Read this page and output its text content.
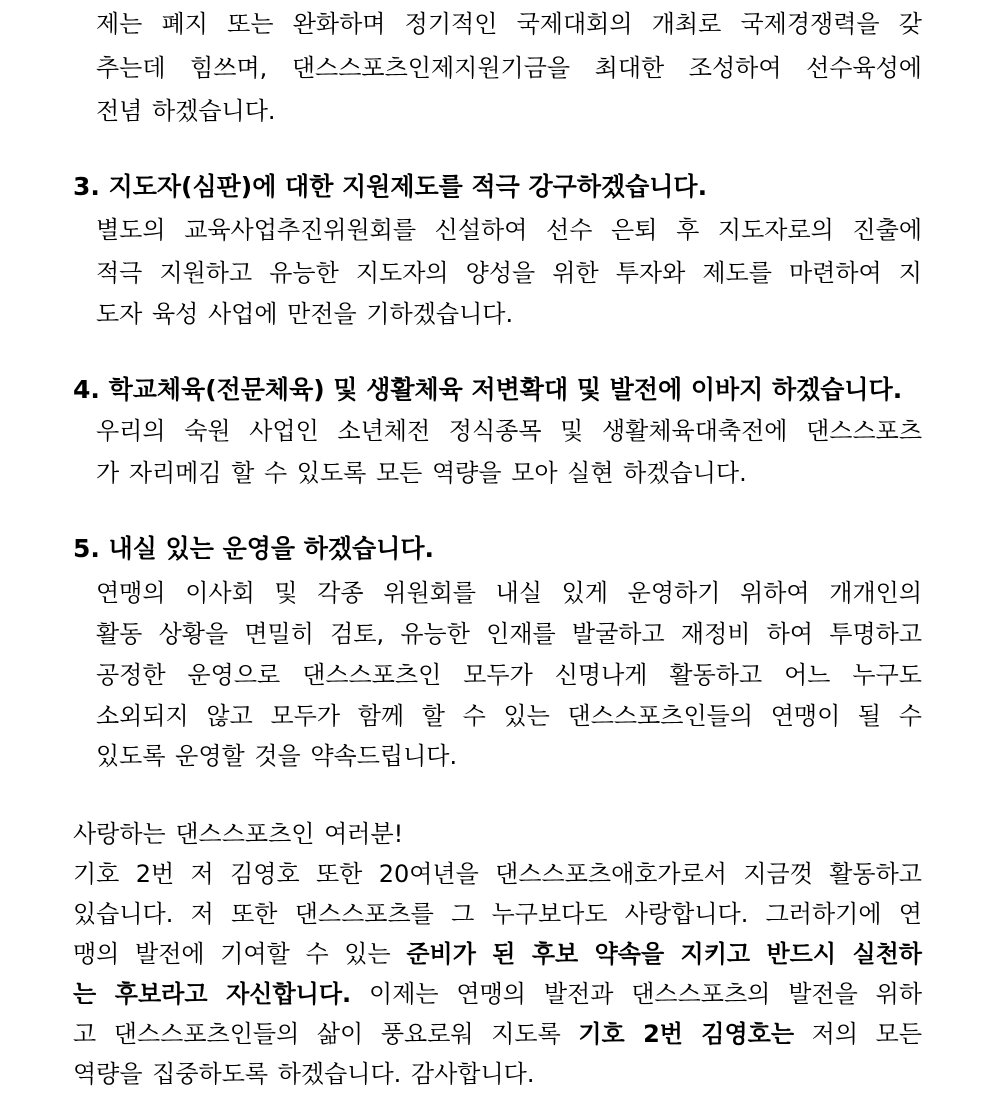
제는 폐지 또는 완화하며 정기적인 국제대회의 개최로 국제경쟁력을 갖
추는데 힘쓰며, 댄스스포츠인제지원기금을 최대한 조성하여 선수육성에
전념 하겠습니다.
3. 지도자(심판)에 대한 지원제도를 적극 강구하겠습니다.
별도의 교육사업추진위원회를 신설하여 선수 은퇴 후 지도자로의 진출에
적극 지원하고 유능한 지도자의 양성을 위한 투자와 제도를 마련하여 지
도자 육성 사업에 만전을 기하겠습니다.
4. 학교체육(전문체육) 및 생활체육 저변확대 및 발전에 이바지 하겠습니다.
우리의 숙원 사업인 소년체전 정식종목 및 생활체육대축전에 댄스스포츠
가 자리메김 할 수 있도록 모든 역량을 모아 실현 하겠습니다.
5. 내실 있는 운영을 하겠습니다.
연맹의 이사회 및 각종 위원회를 내실 있게 운영하기 위하여 개개인의
활동 상황을 면밀히 검토, 유능한 인재를 발굴하고 재정비 하여 투명하고
공정한 운영으로 댄스스포츠인 모두가 신명나게 활동하고 어느 누구도
소외되지 않고 모두가 함께 할 수 있는 댄스스포츠인들의 연맹이 될 수
있도록 운영할 것을 약속드립니다.
사랑하는 댄스스포츠인 여러분!
기호 2번 저 김영호 또한 20여년을 댄스스포츠애호가로서 지금껏 활동하고
있습니다. 저 또한 댄스스포츠를 그 누구보다도 사랑합니다. 그러하기에 연
맹의 발전에 기여할 수 있는 준비가 된 후보 약속을 지키고 반드시 실천하
는 후보라고 자신합니다. 이제는 연맹의 발전과 댄스스포츠의 발전을 위하
고 댄스스포츠인들의 삶이 풍요로워 지도록 기호 2번 김영호는 저의 모든
역량을 집중하도록 하겠습니다. 감사합니다.
